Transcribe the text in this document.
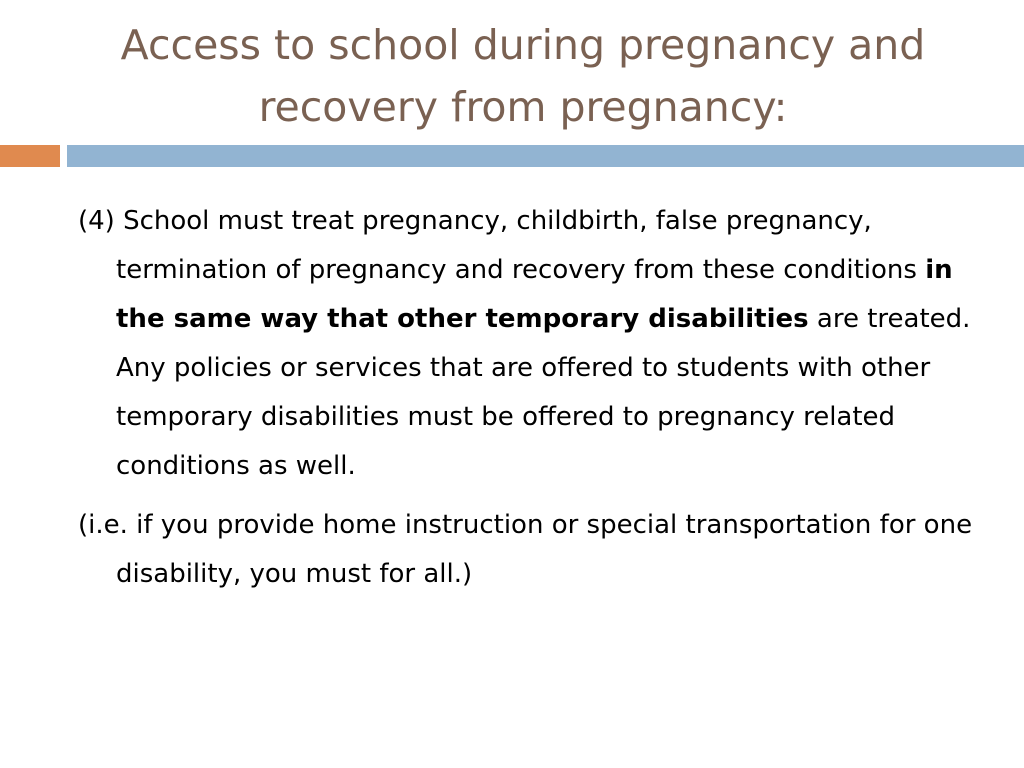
Access to school during pregnancy and recovery from pregnancy:

(4) School must treat pregnancy, childbirth, false pregnancy, termination of pregnancy and recovery from these conditions in the same way that other temporary disabilities are treated. Any policies or services that are offered to students with other temporary disabilities must be offered to pregnancy related conditions as well.

(i.e. if you provide home instruction or special transportation for one disability, you must for all.)
